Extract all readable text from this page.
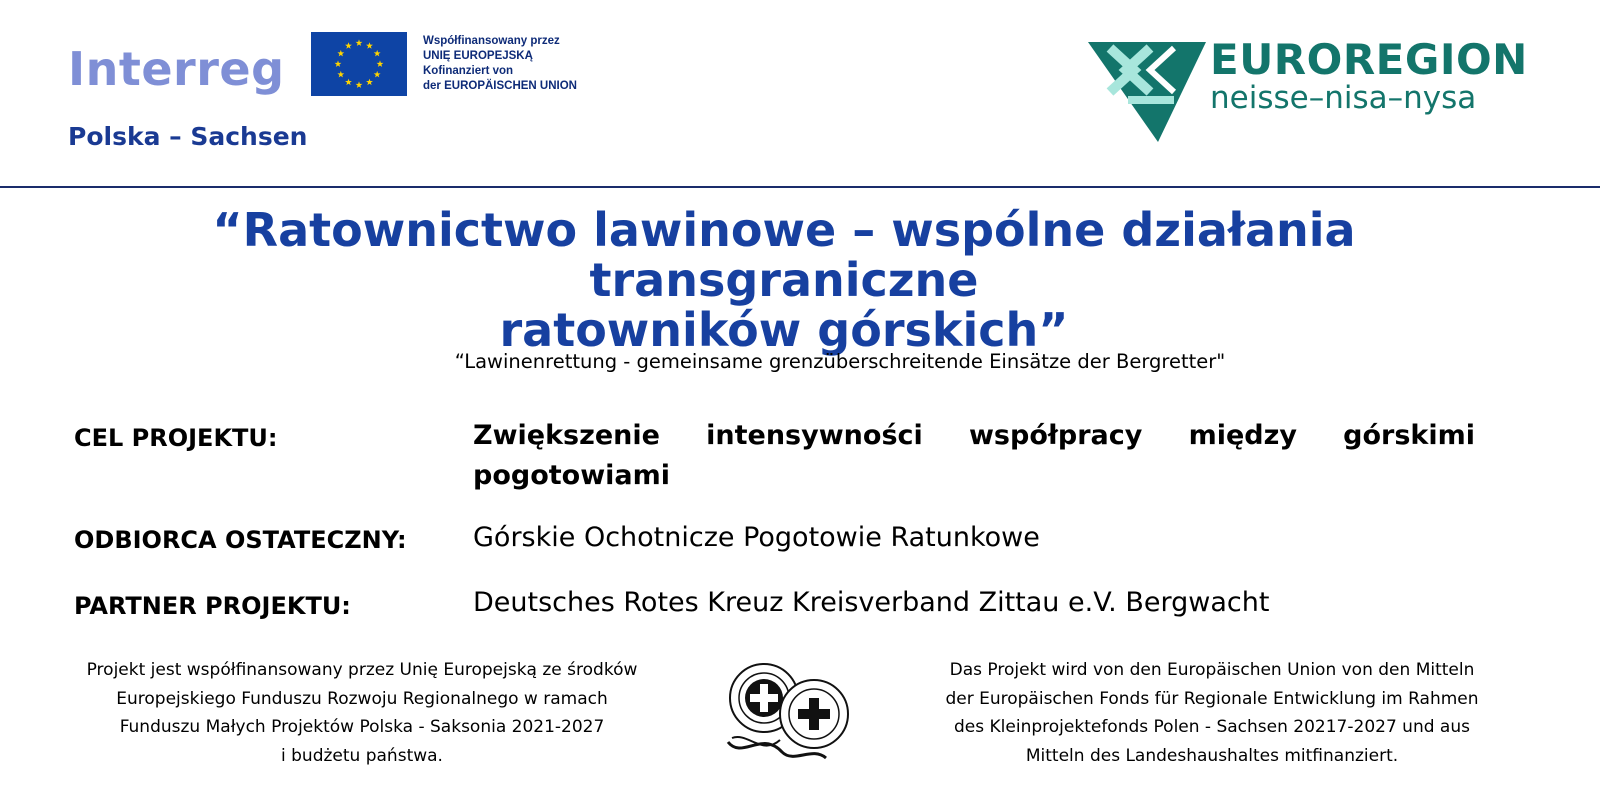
Interreg
Polska – Sachsen
Współfinansowany przez
UNIĘ EUROPEJSKĄ
Kofinanziert von
der EUROPÄISCHEN UNION
EUROREGION
neisse–nisa–nysa
“Ratownictwo lawinowe – wspólne działania transgraniczne
ratowników górskich”
“Lawinenrettung - gemeinsame grenzüberschreitende Einsätze der Bergretter"
CEL PROJEKTU:	Zwiększenie intensywności współpracy między górskimi pogotowiami
ODBIORCA OSTATECZNY: Górskie Ochotnicze Pogotowie Ratunkowe
PARTNER PROJEKTU:	Deutsches Rotes Kreuz Kreisverband Zittau e.V. Bergwacht
Projekt jest współfinansowany przez Unię Europejską ze środków
Europejskiego Funduszu Rozwoju Regionalnego w ramach
Funduszu Małych Projektów Polska - Saksonia 2021-2027
i budżetu państwa.
Das Projekt wird von den Europäischen Union von den Mitteln
der Europäischen Fonds für Regionale Entwicklung im Rahmen
des Kleinprojektefonds Polen - Sachsen 20217-2027 und aus
Mitteln des Landeshaushaltes mitfinanziert.
